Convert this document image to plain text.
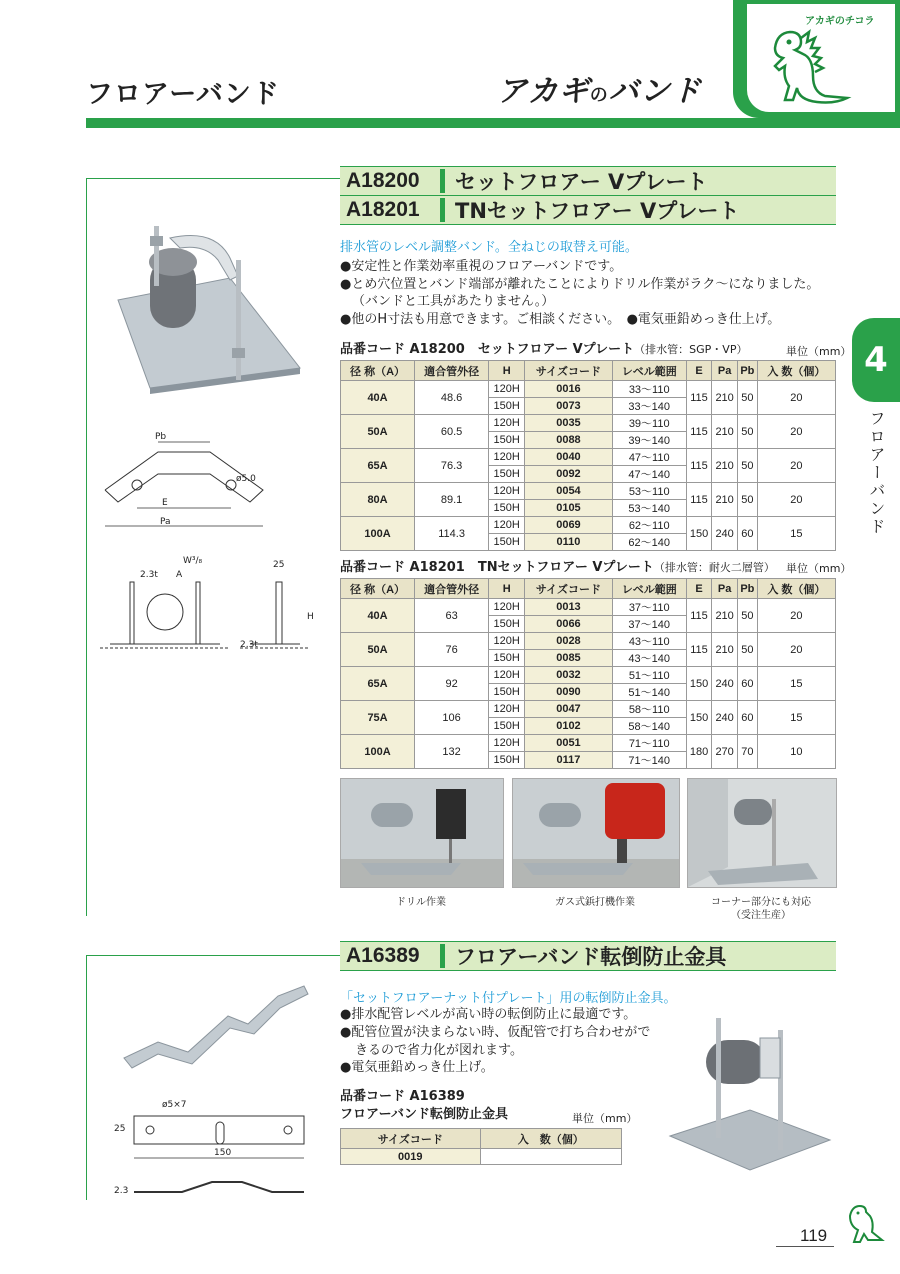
フロアーバンド	アカギのバンド
アカギのチコラ
4
フロアーバンド
A18200	セットフロアー Vプレート
A18201	TNセットフロアー Vプレート
排水管のレベル調整バンド。全ねじの取替え可能。
●安定性と作業効率重視のフロアーバンドです。
●とめ穴位置とバンド端部が離れたことによりドリル作業がラク〜になりました。
（バンドと工具があたりません。）
●他のH寸法も用意できます。ご相談ください。　●電気亜鉛めっき仕上げ。
Pb
ø5.0
E
Pa
W³/₈
2.3t A
25
H
2.3t
品番コード A18200　 セットフロアー Vプレート（排水管：SGP・VP）	単位（mm）
径 称（A）	適合管外径	H	サイズコード	レベル範囲	E	Pa	Pb	入 数（個）
40A	48.6	120H	0016	33〜110	115	210	50	20
		150H	0073	33〜140				
50A	60.5	120H	0035	39〜110	115	210	50	20
		150H	0088	39〜140				
65A	76.3	120H	0040	47〜110	115	210	50	20
		150H	0092	47〜140				
80A	89.1	120H	0054	53〜110	115	210	50	20
		150H	0105	53〜140				
100A	114.3	120H	0069	62〜110	150	240	60	15
		150H	0110	62〜140				
品番コード A18201　 TNセットフロアー Vプレート（排水管：耐火二層管） 単位（mm）
径 称（A）	適合管外径	H	サイズコード	レベル範囲	E	Pa	Pb	入 数（個）
40A	63	120H	0013	37〜110	115	210	50	20
		150H	0066	37〜140				
50A	76	120H	0028	43〜110	115	210	50	20
		150H	0085	43〜140				
65A	92	120H	0032	51〜110	150	240	60	15
		150H	0090	51〜140				
75A	106	120H	0047	58〜110	150	240	60	15
		150H	0102	58〜140				
100A	132	120H	0051	71〜110	180	270	70	10
		150H	0117	71〜140				
ドリル作業	ガス式鋲打機作業	コーナー部分にも対応
（受注生産）
A16389	フロアーバンド転倒防止金具
「セットフロアーナット付プレート」用の転倒防止金具。
●排水配管レベルが高い時の転倒防止に最適です。
●配管位置が決まらない時、仮配管で打ち合わせがで
きるので省力化が図れます。
●電気亜鉛めっき仕上げ。
品番コード A16389
フロアーバンド転倒防止金具	単位（mm）
サイズコード	入　数（個）
0019	
ø5×7
25
150
2.3
119
